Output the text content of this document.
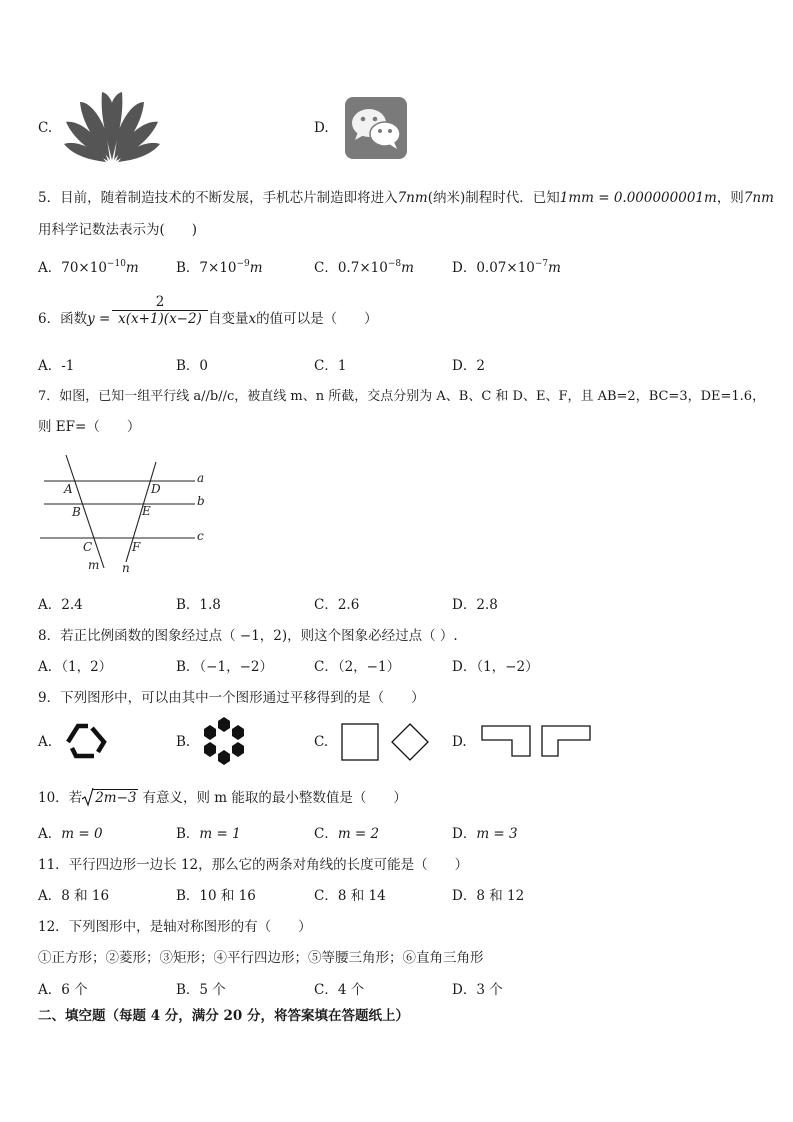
C.	D.
5．目前，随着制造技术的不断发展，手机芯片制造即将进入7nm(纳米)制程时代．已知1mm = 0.000000001m，则7nm
用科学记数法表示为(　　)
A．$70\times 10^{-10}m$	B．$7\times 10^{-9}m$	C．$0.7\times 10^{-8}m$	D．$0.07\times 10^{-7}m$
6．函数$y = \frac{2}{x(x+1)(x-2)}$ 自变量x的值可以是（　　）
A．-1	B．0	C．1	D．2
7．如图，已知一组平行线 a//b//c，被直线 m、n 所截，交点分别为 A、B、C 和 D、E、F，且 AB=2，BC=3，DE=1.6，
则 EF=（　　）
a
b
c
A
B
C
D
E
F
m n
A．2.4	B．1.8	C．2.6	D．2.8
8．若正比例函数的图象经过点（ −1，2)，则这个图象必经过点（ ）.
A．（1，2）	B．（−1，−2）	C．（2，−1）	D．（1，−2）
9．下列图形中，可以由其中一个图形通过平移得到的是（　　）
A.	B.	C.	D.
10．若 2m−3 有意义，则 m 能取的最小整数值是（　　）
A．m = 0	B．m = 1	C．m = 2	D．m = 3
11．平行四边形一边长 12，那么它的两条对角线的长度可能是（　　）
A．8 和 16	B．10 和 16	C．8 和 14	D．8 和 12
12．下列图形中，是轴对称图形的有（　　）
①正方形；②菱形；③矩形；④平行四边形；⑤等腰三角形；⑥直角三角形
A．6 个	B．5 个	C．4 个	D．3 个
二、填空题（每题 4 分，满分 20 分，将答案填在答题纸上）
